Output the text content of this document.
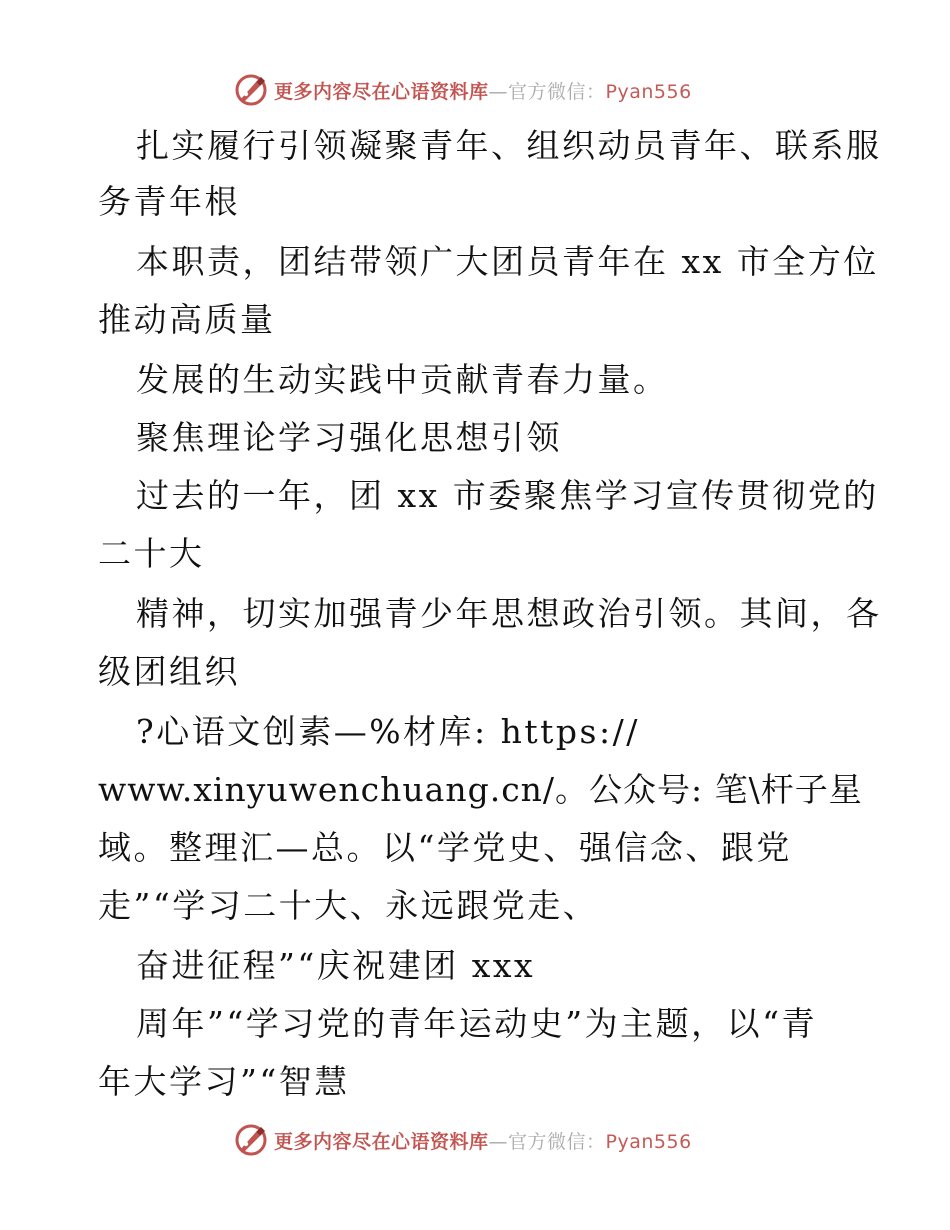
更多内容尽在心语资料库—官方微信：Pyan556
扎实履行引领凝聚青年、组织动员青年、联系服
务青年根
本职责，团结带领广大团员青年在 xx 市全方位
推动高质量
发展的生动实践中贡献青春力量。
聚焦理论学习强化思想引领
过去的一年，团 xx 市委聚焦学习宣传贯彻党的
二十大
精神，切实加强青少年思想政治引领。其间，各
级团组织
?心语文创素—%材库: https://
www.xinyuwenchuang.cn/。公众号: 笔\杆子星
域。整理汇—总。以“学党史、强信念、跟党
走”“学习二十大、永远跟党走、
奋进征程”“庆祝建团 xxx
周年”“学习党的青年运动史”为主题，以“青
年大学习”“智慧
更多内容尽在心语资料库—官方微信：Pyan556
